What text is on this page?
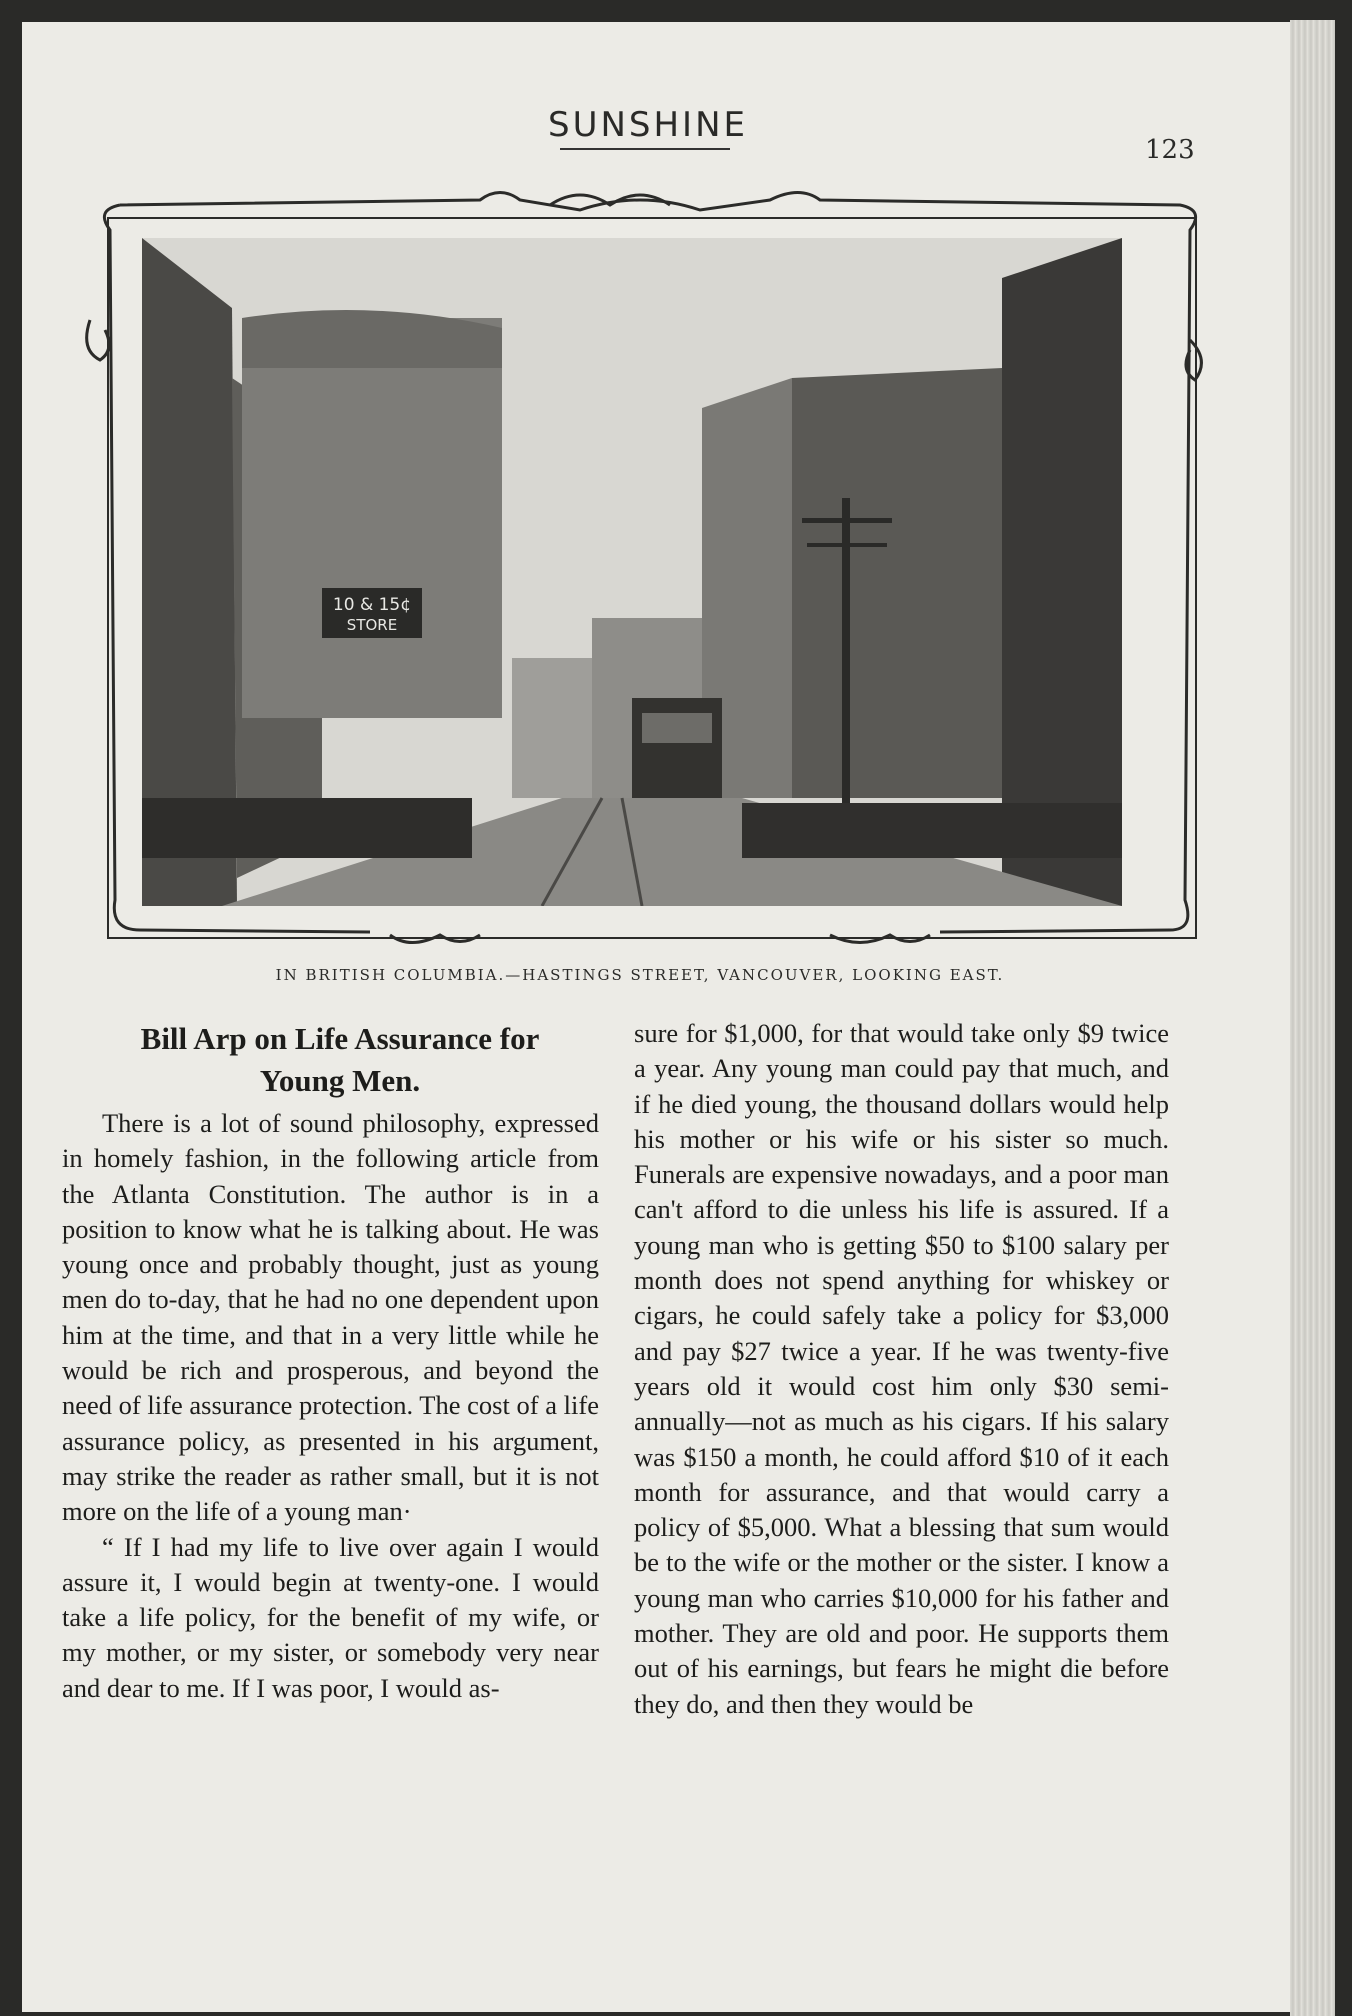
SUNSHINE
123
10 & 15¢
STORE
IN BRITISH COLUMBIA.—HASTINGS STREET, VANCOUVER, LOOKING EAST.
Bill Arp on Life Assurance for
Young Men.

There is a lot of sound philosophy, expressed in homely fashion, in the following article from the Atlanta Constitution. The author is in a position to know what he is talking about. He was young once and probably thought, just as young men do to-day, that he had no one dependent upon him at the time, and that in a very little while he would be rich and prosperous, and beyond the need of life assurance protection. The cost of a life assurance policy, as presented in his argument, may strike the reader as rather small, but it is not more on the life of a young man·

“ If I had my life to live over again I would assure it, I would begin at twenty-one. I would take a life policy, for the benefit of my wife, or my mother, or my sister, or somebody very near and dear to me. If I was poor, I would as-

sure for $1,000, for that would take only $9 twice a year. Any young man could pay that much, and if he died young, the thousand dollars would help his mother or his wife or his sister so much. Funerals are expensive nowadays, and a poor man can't afford to die unless his life is assured. If a young man who is getting $50 to $100 salary per month does not spend anything for whiskey or cigars, he could safely take a policy for $3,000 and pay $27 twice a year. If he was twenty-five years old it would cost him only $30 semi-annually—not as much as his cigars. If his salary was $150 a month, he could afford $10 of it each month for assurance, and that would carry a policy of $5,000. What a blessing that sum would be to the wife or the mother or the sister. I know a young man who carries $10,000 for his father and mother. They are old and poor. He supports them out of his earnings, but fears he might die before they do, and then they would be
